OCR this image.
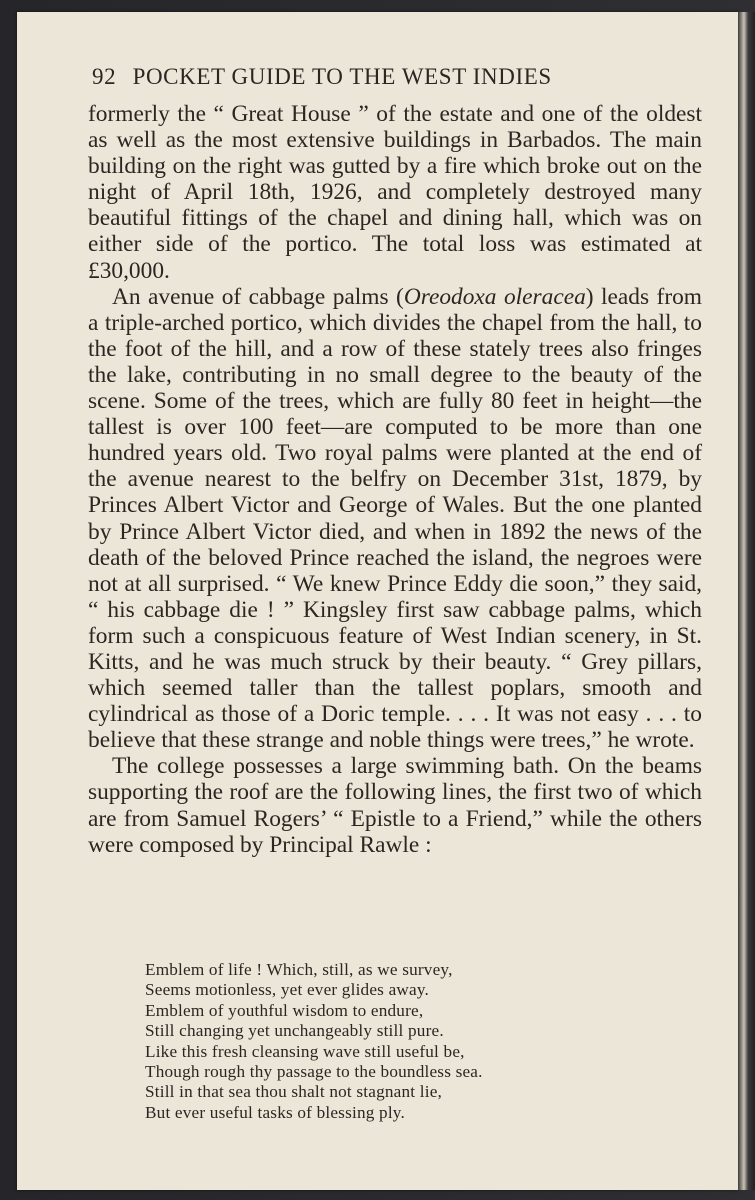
92 POCKET GUIDE TO THE WEST INDIES

formerly the “ Great House ” of the estate and one of the oldest as well as the most extensive buildings in Barbados. The main building on the right was gutted by a fire which broke out on the night of April 18th, 1926, and completely destroyed many beautiful fittings of the chapel and dining hall, which was on either side of the portico. The total loss was estimated at £30,000.

An avenue of cabbage palms (Oreodoxa oleracea) leads from a triple-arched portico, which divides the chapel from the hall, to the foot of the hill, and a row of these stately trees also fringes the lake, contributing in no small degree to the beauty of the scene. Some of the trees, which are fully 80 feet in height—the tallest is over 100 feet—are computed to be more than one hundred years old. Two royal palms were planted at the end of the avenue nearest to the belfry on December 31st, 1879, by Princes Albert Victor and George of Wales. But the one planted by Prince Albert Victor died, and when in 1892 the news of the death of the beloved Prince reached the island, the negroes were not at all surprised. “ We knew Prince Eddy die soon,” they said, “ his cabbage die ! ” Kingsley first saw cabbage palms, which form such a conspicuous feature of West Indian scenery, in St. Kitts, and he was much struck by their beauty. “ Grey pillars, which seemed taller than the tallest poplars, smooth and cylindrical as those of a Doric temple. . . . It was not easy . . . to believe that these strange and noble things were trees,” he wrote.

The college possesses a large swimming bath. On the beams supporting the roof are the following lines, the first two of which are from Samuel Rogers’ “ Epistle to a Friend,” while the others were composed by Principal Rawle :

Emblem of life ! Which, still, as we survey,
Seems motionless, yet ever glides away.
Emblem of youthful wisdom to endure,
Still changing yet unchangeably still pure.
Like this fresh cleansing wave still useful be,
Though rough thy passage to the boundless sea.
Still in that sea thou shalt not stagnant lie,
But ever useful tasks of blessing ply.
